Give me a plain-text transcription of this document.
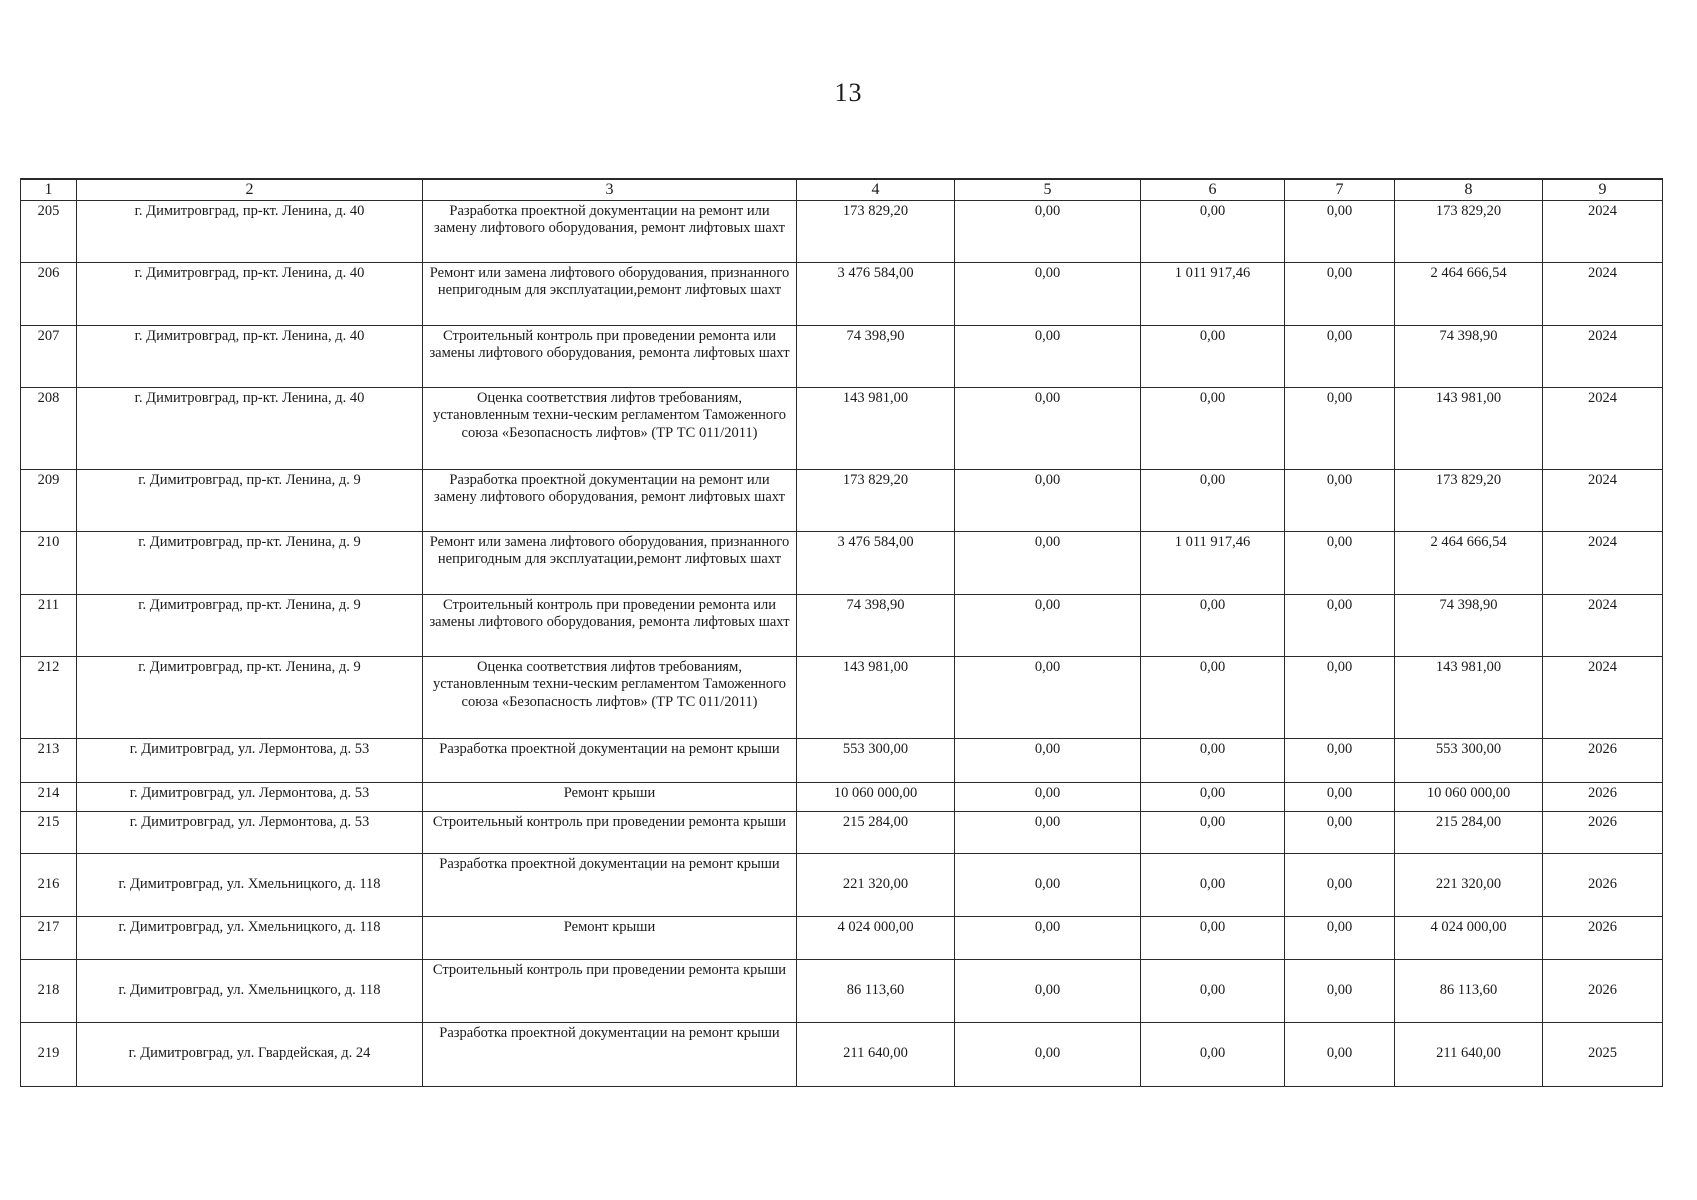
13
1	2	3	4	5	6	7	8	9
205	г. Димитровград, пр-кт. Ленина, д. 40	Разработка проектной документации на ремонт или замену лифтового оборудования, ремонт лифтовых шахт	173 829,20	0,00	0,00	0,00	173 829,20	2024
206	г. Димитровград, пр-кт. Ленина, д. 40	Ремонт или замена лифтового оборудования, признанного непригодным для эксплуатации,ремонт лифтовых шахт	3 476 584,00	0,00	1 011 917,46	0,00	2 464 666,54	2024
207	г. Димитровград, пр-кт. Ленина, д. 40	Строительный контроль при проведении ремонта или замены лифтового оборудования, ремонта лифтовых шахт	74 398,90	0,00	0,00	0,00	74 398,90	2024
208	г. Димитровград, пр-кт. Ленина, д. 40	Оценка соответствия лифтов требованиям, установленным техни-ческим регламентом Таможенного союза «Безопасность лифтов» (ТР ТС 011/2011)	143 981,00	0,00	0,00	0,00	143 981,00	2024
209	г. Димитровград, пр-кт. Ленина, д. 9	Разработка проектной документации на ремонт или замену лифтового оборудования, ремонт лифтовых шахт	173 829,20	0,00	0,00	0,00	173 829,20	2024
210	г. Димитровград, пр-кт. Ленина, д. 9	Ремонт или замена лифтового оборудования, признанного непригодным для эксплуатации,ремонт лифтовых шахт	3 476 584,00	0,00	1 011 917,46	0,00	2 464 666,54	2024
211	г. Димитровград, пр-кт. Ленина, д. 9	Строительный контроль при проведении ремонта или замены лифтового оборудования, ремонта лифтовых шахт	74 398,90	0,00	0,00	0,00	74 398,90	2024
212	г. Димитровград, пр-кт. Ленина, д. 9	Оценка соответствия лифтов требованиям, установленным техни-ческим регламентом Таможенного союза «Безопасность лифтов» (ТР ТС 011/2011)	143 981,00	0,00	0,00	0,00	143 981,00	2024
213	г. Димитровград, ул. Лермонтова, д. 53	Разработка проектной документации на ремонт крыши	553 300,00	0,00	0,00	0,00	553 300,00	2026
214	г. Димитровград, ул. Лермонтова, д. 53	Ремонт крыши	10 060 000,00	0,00	0,00	0,00	10 060 000,00	2026
215	г. Димитровград, ул. Лермонтова, д. 53	Строительный контроль при проведении ремонта крыши	215 284,00	0,00	0,00	0,00	215 284,00	2026
216	г. Димитровград, ул. Хмельницкого, д. 118	Разработка проектной документации на ремонт крыши	221 320,00	0,00	0,00	0,00	221 320,00	2026
217	г. Димитровград, ул. Хмельницкого, д. 118	Ремонт крыши	4 024 000,00	0,00	0,00	0,00	4 024 000,00	2026
218	г. Димитровград, ул. Хмельницкого, д. 118	Строительный контроль при проведении ремонта крыши	86 113,60	0,00	0,00	0,00	86 113,60	2026
219	г. Димитровград, ул. Гвардейская, д. 24	Разработка проектной документации на ремонт крыши	211 640,00	0,00	0,00	0,00	211 640,00	2025
